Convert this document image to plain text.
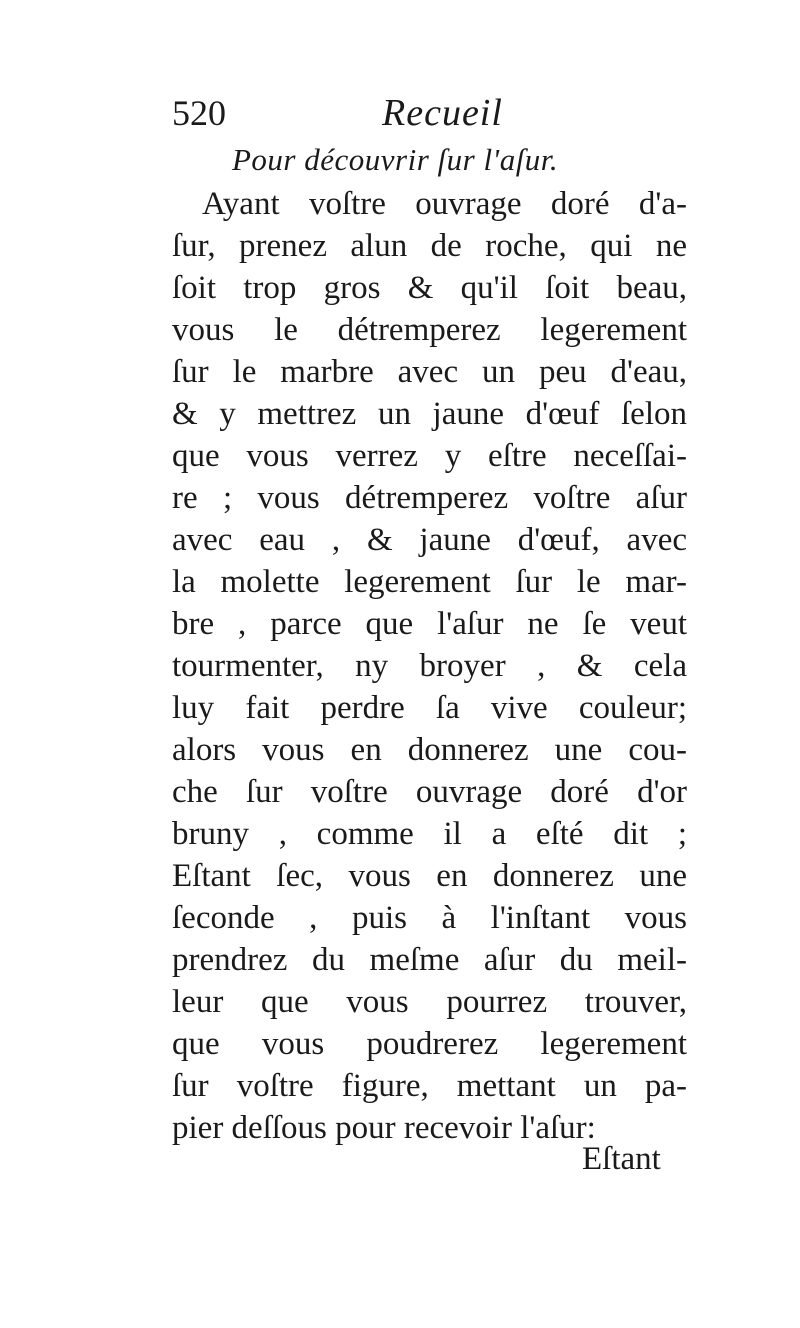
520	Recueil
Pour découvrir ſur l'aſur.
Ayant voſtre ouvrage doré d'a-
ſur, prenez alun de roche, qui ne
ſoit trop gros & qu'il ſoit beau,
vous le détremperez legerement
ſur le marbre avec un peu d'eau,
& y mettrez un jaune d'œuf ſelon
que vous verrez y eſtre neceſſai-
re ; vous détremperez voſtre aſur
avec eau , & jaune d'œuf, avec
la molette legerement ſur le mar-
bre , parce que l'aſur ne ſe veut
tourmenter, ny broyer , & cela
luy fait perdre ſa vive couleur;
alors vous en donnerez une cou-
che ſur voſtre ouvrage doré d'or
bruny , comme il a eſté dit ;
Eſtant ſec, vous en donnerez une
ſeconde , puis à l'inſtant vous
prendrez du meſme aſur du meil-
leur que vous pourrez trouver,
que vous poudrerez legerement
ſur voſtre figure, mettant un pa-
pier deſſous pour recevoir l'aſur:
Eſtant
